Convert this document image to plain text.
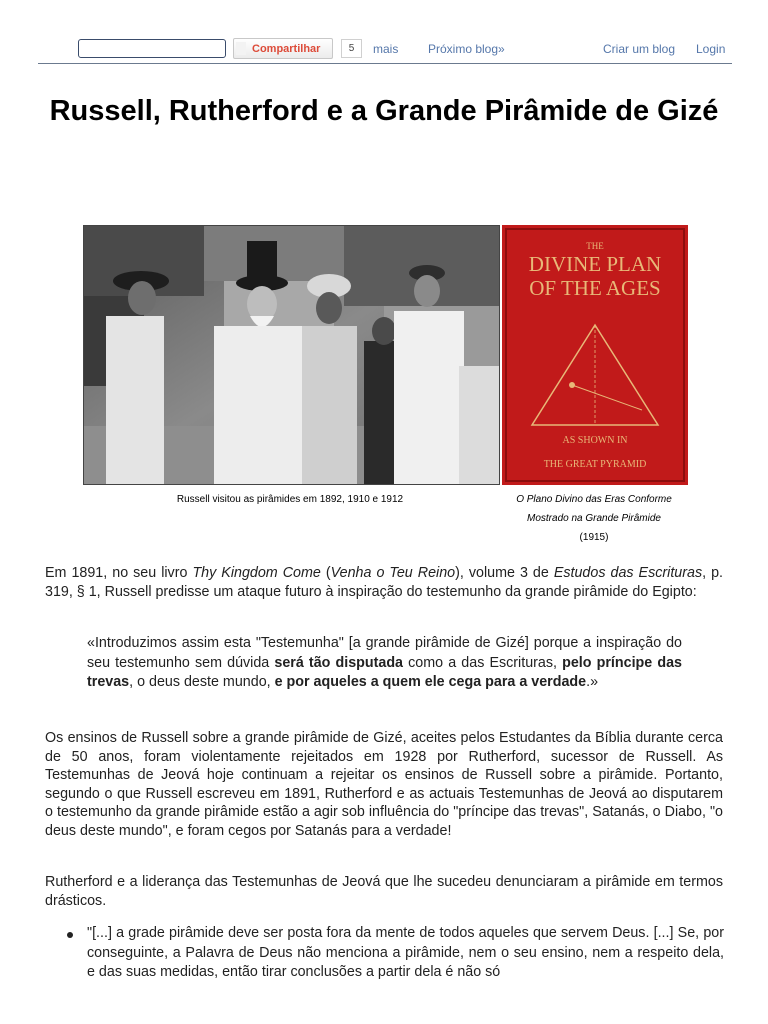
Compartilhar	5	mais Próximo blog»	Criar um blog Login
Russell, Rutherford e a Grande Pirâmide de Gizé
THE
DIVINE PLAN
OF THE AGES
AS SHOWN IN
THE GREAT PYRAMID
Russell visitou as pirâmides em 1892, 1910 e 1912	O Plano Divino das Eras Conforme
Mostrado na Grande Pirâmide
(1915)

Em 1891, no seu livro Thy Kingdom Come (Venha o Teu Reino), volume 3 de Estudos das Escrituras, p. 319, § 1, Russell predisse um ataque futuro à inspiração do testemunho da grande pirâmide do Egipto:

«Introduzimos assim esta "Testemunha" [a grande pirâmide de Gizé] porque a inspiração do seu testemunho sem dúvida será tão disputada como a das Escrituras, pelo príncipe das trevas, o deus deste mundo, e por aqueles a quem ele cega para a verdade.»

Os ensinos de Russell sobre a grande pirâmide de Gizé, aceites pelos Estudantes da Bíblia durante cerca de 50 anos, foram violentamente rejeitados em 1928 por Rutherford, sucessor de Russell. As Testemunhas de Jeová hoje continuam a rejeitar os ensinos de Russell sobre a pirâmide. Portanto, segundo o que Russell escreveu em 1891, Rutherford e as actuais Testemunhas de Jeová ao disputarem o testemunho da grande pirâmide estão a agir sob influência do "príncipe das trevas", Satanás, o Diabo, "o deus deste mundo", e foram cegos por Satanás para a verdade!

Rutherford e a liderança das Testemunhas de Jeová que lhe sucedeu denunciaram a pirâmide em termos drásticos.

"[...] a grade pirâmide deve ser posta fora da mente de todos aqueles que servem Deus. [...] Se, por conseguinte, a Palavra de Deus não menciona a pirâmide, nem o seu ensino, nem a respeito dela, e das suas medidas, então tirar conclusões a partir dela é não só
